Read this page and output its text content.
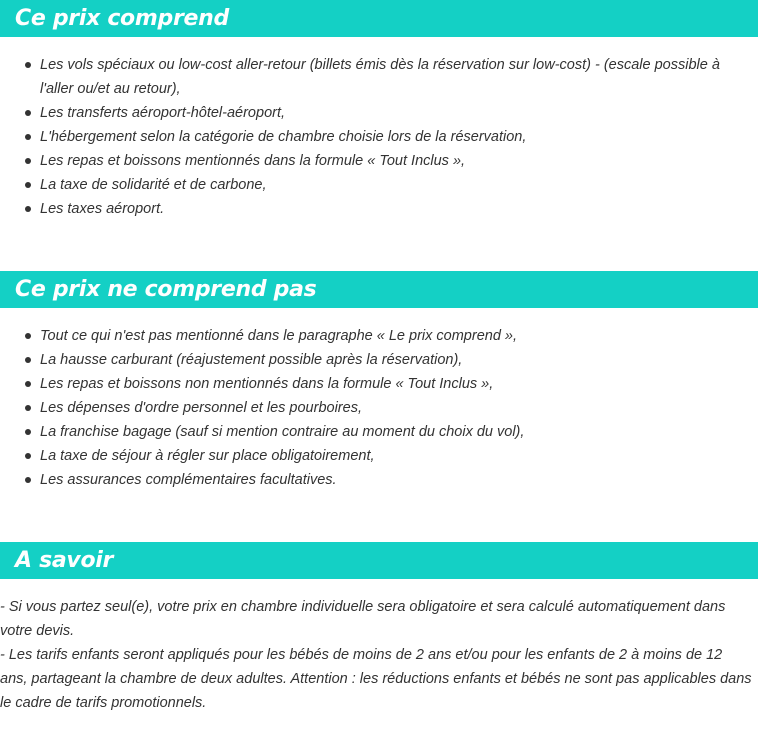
Ce prix comprend
Les vols spéciaux ou low-cost aller-retour (billets émis dès la réservation sur low-cost) - (escale possible à l'aller ou/et au retour),
Les transferts aéroport-hôtel-aéroport,
L'hébergement selon la catégorie de chambre choisie lors de la réservation,
Les repas et boissons mentionnés dans la formule « Tout Inclus »,
La taxe de solidarité et de carbone,
Les taxes aéroport.
Ce prix ne comprend pas
Tout ce qui n'est pas mentionné dans le paragraphe « Le prix comprend »,
La hausse carburant (réajustement possible après la réservation),
Les repas et boissons non mentionnés dans la formule « Tout Inclus »,
Les dépenses d'ordre personnel et les pourboires,
La franchise bagage (sauf si mention contraire au moment du choix du vol),
La taxe de séjour à régler sur place obligatoirement,
Les assurances complémentaires facultatives.
A savoir

- Si vous partez seul(e), votre prix en chambre individuelle sera obligatoire et sera calculé automatiquement dans votre devis.

- Les tarifs enfants seront appliqués pour les bébés de moins de 2 ans et/ou pour les enfants de 2 à moins de 12 ans, partageant la chambre de deux adultes. Attention : les réductions enfants et bébés ne sont pas applicables dans le cadre de tarifs promotionnels.
